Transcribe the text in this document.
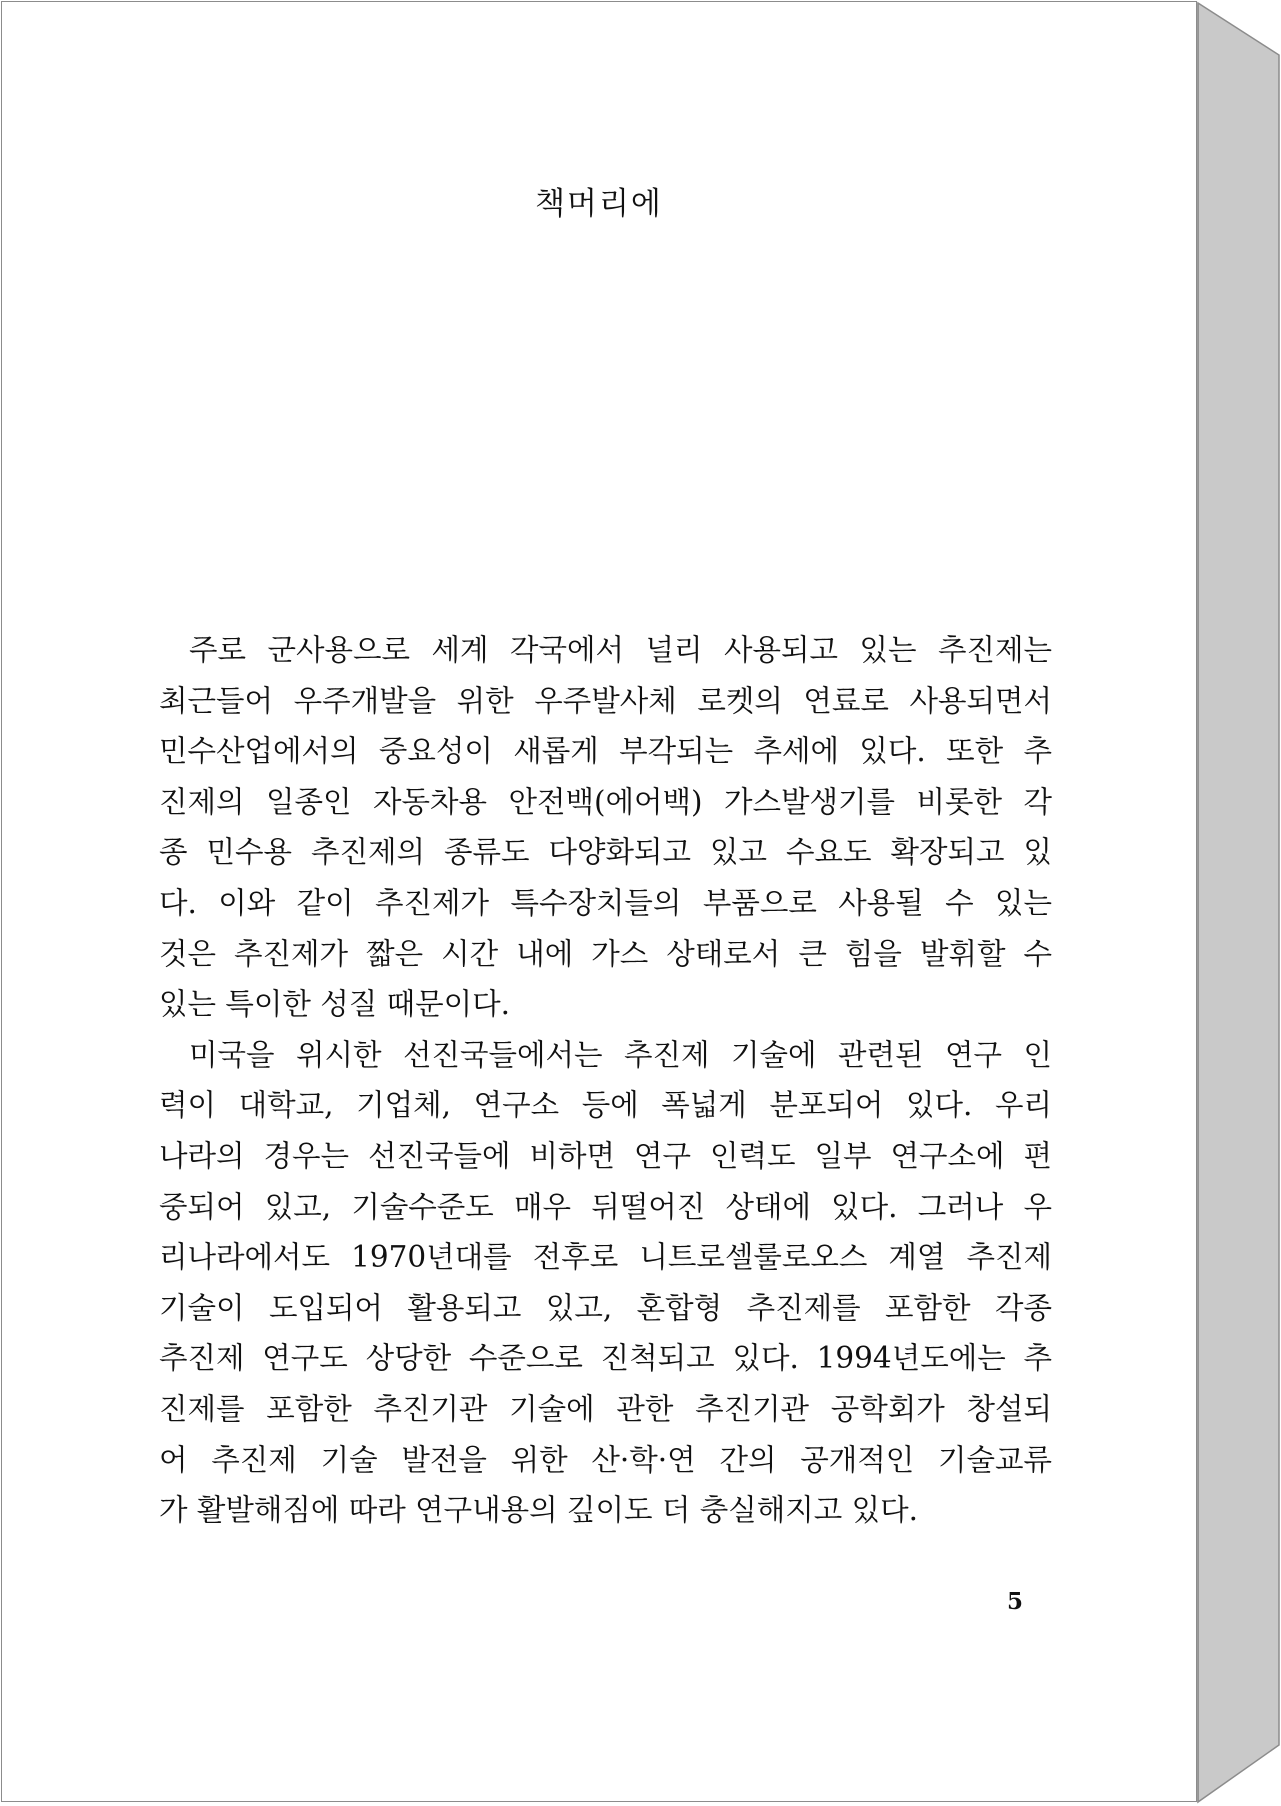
책머리에
주로 군사용으로 세계 각국에서 널리 사용되고 있는 추진제는
최근들어 우주개발을 위한 우주발사체 로켓의 연료로 사용되면서
민수산업에서의 중요성이 새롭게 부각되는 추세에 있다. 또한 추
진제의 일종인 자동차용 안전백(에어백) 가스발생기를 비롯한 각
종 민수용 추진제의 종류도 다양화되고 있고 수요도 확장되고 있
다. 이와 같이 추진제가 특수장치들의 부품으로 사용될 수 있는
것은 추진제가 짧은 시간 내에 가스 상태로서 큰 힘을 발휘할 수
있는 특이한 성질 때문이다.
미국을 위시한 선진국들에서는 추진제 기술에 관련된 연구 인
력이 대학교, 기업체, 연구소 등에 폭넓게 분포되어 있다. 우리
나라의 경우는 선진국들에 비하면 연구 인력도 일부 연구소에 편
중되어 있고, 기술수준도 매우 뒤떨어진 상태에 있다. 그러나 우
리나라에서도 1970년대를 전후로 니트로셀룰로오스 계열 추진제
기술이 도입되어 활용되고 있고, 혼합형 추진제를 포함한 각종
추진제 연구도 상당한 수준으로 진척되고 있다. 1994년도에는 추
진제를 포함한 추진기관 기술에 관한 추진기관 공학회가 창설되
어 추진제 기술 발전을 위한 산·학·연 간의 공개적인 기술교류
가 활발해짐에 따라 연구내용의 깊이도 더 충실해지고 있다.
5
